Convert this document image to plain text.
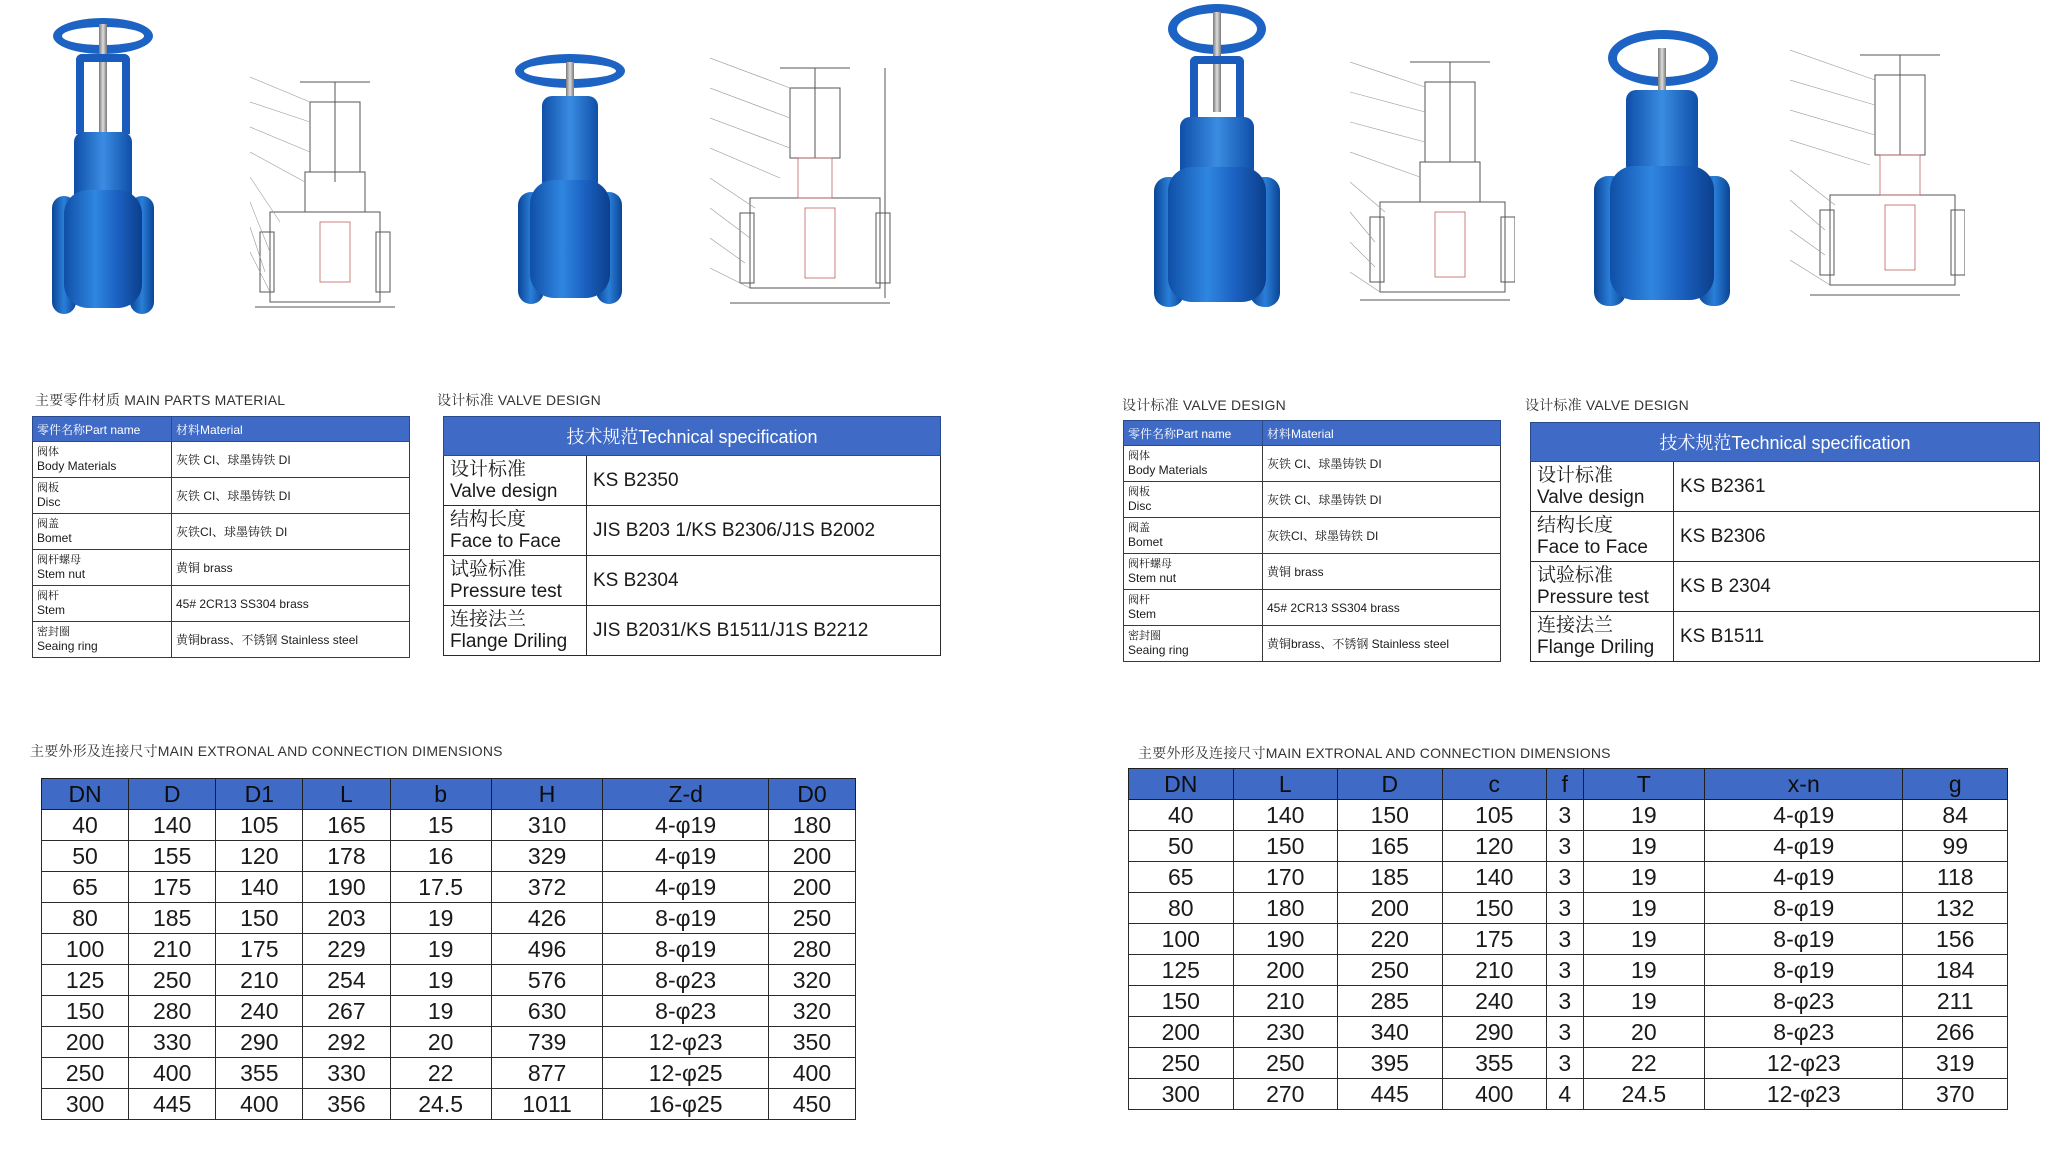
主要零件材质 MAIN PARTS MATERIAL
零件名称Part name	材料Material

阀体
Body Materials	灰铁 CI、球墨铸铁 DI

阀板
Disc	灰铁 CI、球墨铸铁 DI

阀盖
Bomet	灰铁CI、球墨铸铁 DI

阀杆螺母
Stem nut	黄铜 brass

阀杆
Stem	45# 2CR13 SS304 brass

密封圈
Seaing ring	黄铜brass、不锈钢 Stainless steel
设计标准 VALVE DESIGN
技术规范Technical specification	

设计标准
Valve design	KS B2350

结构长度
Face to Face	JIS B203 1/KS B2306/J1S B2002

试验标准
Pressure test	KS B2304

连接法兰
Flange Driling	JIS B2031/KS B1511/J1S B2212
主要外形及连接尺寸MAIN EXTRONAL AND CONNECTION DIMENSIONS
DN	D	D1	L	b	H	Z-d	D0
40	140	105	165	15	310	4-φ19	180
50	155	120	178	16	329	4-φ19	200
65	175	140	190	17.5	372	4-φ19	200
80	185	150	203	19	426	8-φ19	250
100	210	175	229	19	496	8-φ19	280
125	250	210	254	19	576	8-φ23	320
150	280	240	267	19	630	8-φ23	320
200	330	290	292	20	739	12-φ23	350
250	400	355	330	22	877	12-φ25	400
300	445	400	356	24.5	1011	16-φ25	450
设计标准 VALVE DESIGN
零件名称Part name	材料Material

阀体
Body Materials	灰铁 CI、球墨铸铁 DI

阀板
Disc	灰铁 CI、球墨铸铁 DI

阀盖
Bomet	灰铁CI、球墨铸铁 DI

阀杆螺母
Stem nut	黄铜 brass

阀杆
Stem	45# 2CR13 SS304 brass

密封圈
Seaing ring	黄铜brass、不锈钢 Stainless steel
设计标准 VALVE DESIGN
技术规范Technical specification	

设计标准
Valve design	KS B2361

结构长度
Face to Face	KS B2306

试验标准
Pressure test	KS B 2304

连接法兰
Flange Driling	KS B1511
主要外形及连接尺寸MAIN EXTRONAL AND CONNECTION DIMENSIONS
DN	L	D	c	f	T	x-n	g
40	140	150	105	3	19	4-φ19	84
50	150	165	120	3	19	4-φ19	99
65	170	185	140	3	19	4-φ19	118
80	180	200	150	3	19	8-φ19	132
100	190	220	175	3	19	8-φ19	156
125	200	250	210	3	19	8-φ19	184
150	210	285	240	3	19	8-φ23	211
200	230	340	290	3	20	8-φ23	266
250	250	395	355	3	22	12-φ23	319
300	270	445	400	4	24.5	12-φ23	370
